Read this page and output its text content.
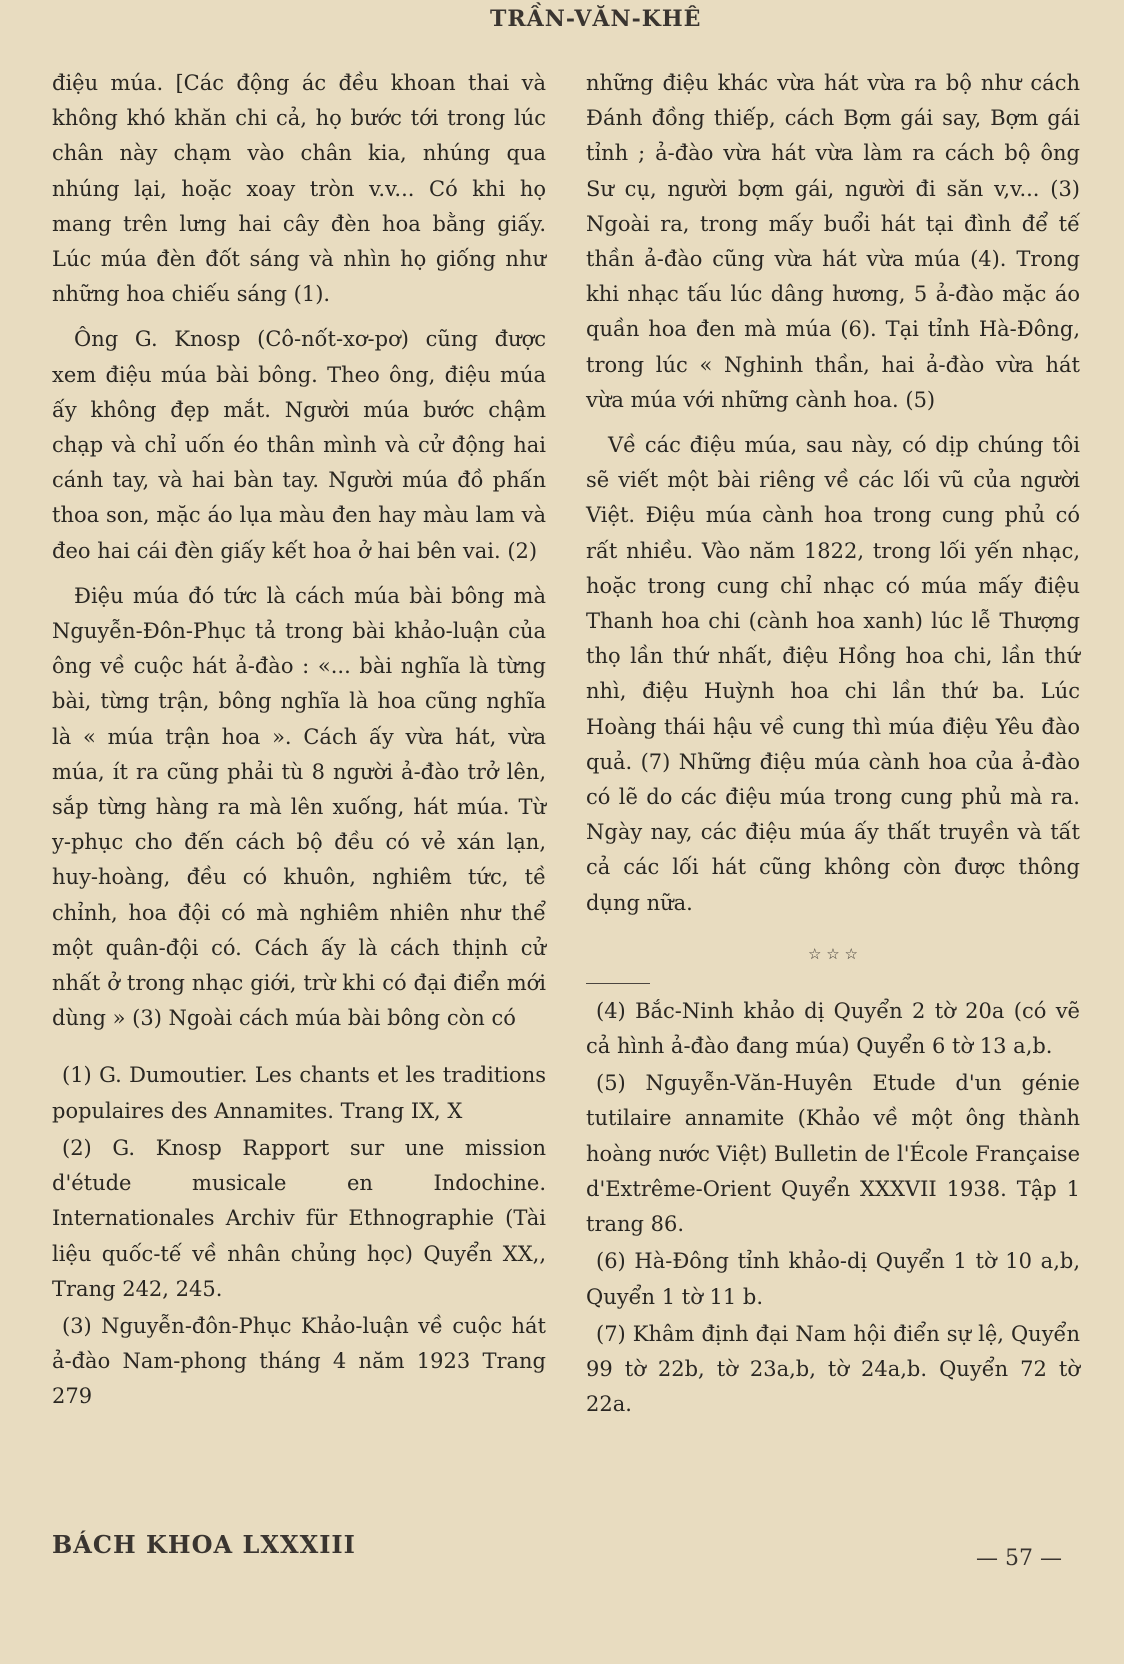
TRẦN-VĂN-KHÊ

điệu múa. [Các động ác đều khoan thai và không khó khăn chi cả, họ bước tới trong lúc chân này chạm vào chân kia, nhúng qua nhúng lại, hoặc xoay tròn v.v... Có khi họ mang trên lưng hai cây đèn hoa bằng giấy. Lúc múa đèn đốt sáng và nhìn họ giống như những hoa chiếu sáng (1).

Ông G. Knosp (Cô-nốt-xơ-pơ) cũng được xem điệu múa bài bông. Theo ông, điệu múa ấy không đẹp mắt. Người múa bước chậm chạp và chỉ uốn éo thân mình và cử động hai cánh tay, và hai bàn tay. Người múa đồ phấn thoa son, mặc áo lụa màu đen hay màu lam và đeo hai cái đèn giấy kết hoa ở hai bên vai. (2)

Điệu múa đó tức là cách múa bài bông mà Nguyễn-Đôn-Phục tả trong bài khảo-luận của ông về cuộc hát ả-đào : «... bài nghĩa là từng bài, từng trận, bông nghĩa là hoa cũng nghĩa là « múa trận hoa ». Cách ấy vừa hát, vừa múa, ít ra cũng phải tù 8 người ả-đào trở lên, sắp từng hàng ra mà lên xuống, hát múa. Từ y-phục cho đến cách bộ đều có vẻ xán lạn, huy-hoàng, đều có khuôn, nghiêm tức, tề chỉnh, hoa đội có mà nghiêm nhiên như thể một quân-đội có. Cách ấy là cách thịnh cử nhất ở trong nhạc giới, trừ khi có đại điển mới dùng » (3) Ngoài cách múa bài bông còn có

(1) G. Dumoutier. Les chants et les traditions populaires des Annamites. Trang IX, X

(2) G. Knosp Rapport sur une mission d'étude musicale en Indochine. Internationales Archiv für Ethnographie (Tài liệu quốc-tế về nhân chủng học) Quyển XX,, Trang 242, 245.

(3) Nguyễn-đôn-Phục Khảo-luận về cuộc hát ả-đào Nam-phong tháng 4 năm 1923 Trang 279

những điệu khác vừa hát vừa ra bộ như cách Đánh đồng thiếp, cách Bợm gái say, Bợm gái tỉnh ; ả-đào vừa hát vừa làm ra cách bộ ông Sư cụ, người bợm gái, người đi săn v,v... (3) Ngoài ra, trong mấy buổi hát tại đình để tế thần ả-đào cũng vừa hát vừa múa (4). Trong khi nhạc tấu lúc dâng hương, 5 ả-đào mặc áo quần hoa đen mà múa (6). Tại tỉnh Hà-Đông, trong lúc « Nghinh thần, hai ả-đào vừa hát vừa múa với những cành hoa. (5)

Về các điệu múa, sau này, có dịp chúng tôi sẽ viết một bài riêng về các lối vũ của người Việt. Điệu múa cành hoa trong cung phủ có rất nhiều. Vào năm 1822, trong lối yến nhạc, hoặc trong cung chỉ nhạc có múa mấy điệu Thanh hoa chi (cành hoa xanh) lúc lễ Thượng thọ lần thứ nhất, điệu Hồng hoa chi, lần thứ nhì, điệu Huỳnh hoa chi lần thứ ba. Lúc Hoàng thái hậu về cung thì múa điệu Yêu đào quả. (7) Những điệu múa cành hoa của ả-đào có lẽ do các điệu múa trong cung phủ mà ra. Ngày nay, các điệu múa ấy thất truyền và tất cả các lối hát cũng không còn được thông dụng nữa.

☆ ☆ ☆

(4) Bắc-Ninh khảo dị Quyển 2 tờ 20a (có vẽ cả hình ả-đào đang múa) Quyển 6 tờ 13 a,b.

(5) Nguyễn-Văn-Huyên Etude d'un génie tutilaire annamite (Khảo về một ông thành hoàng nước Việt) Bulletin de l'École Française d'Extrême-Orient Quyển XXXVII 1938. Tập 1 trang 86.

(6) Hà-Đông tỉnh khảo-dị Quyển 1 tờ 10 a,b, Quyển 1 tờ 11 b.

(7) Khâm định đại Nam hội điển sự lệ, Quyển 99 tờ 22b, tờ 23a,b, tờ 24a,b. Quyển 72 tờ 22a.

BÁCH KHOA LXXXIII	— 57 —
